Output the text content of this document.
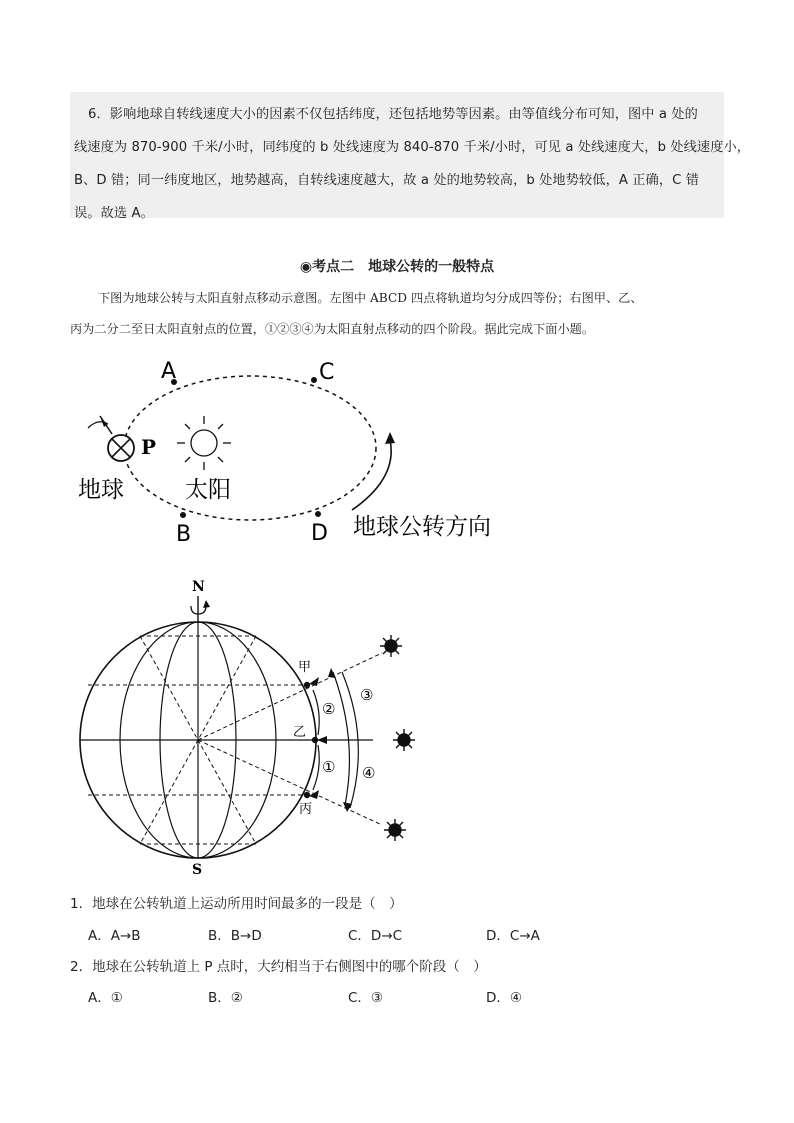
6．影响地球自转线速度大小的因素不仅包括纬度，还包括地势等因素。由等值线分布可知，图中 a 处的
线速度为 870-900 千米/小时，同纬度的 b 处线速度为 840-870 千米/小时，可见 a 处线速度大，b 处线速度小，
B、D 错；同一纬度地区，地势越高，自转线速度越大，故 a 处的地势较高，b 处地势较低，A 正确，C 错
误。故选 A。
◉考点二　地球公转的一般特点
下图为地球公转与太阳直射点移动示意图。左图中 ABCD 四点将轨道均匀分成四等份；右图甲、乙、
丙为二分二至日太阳直射点的位置，①②③④为太阳直射点移动的四个阶段。据此完成下面小题。
A	C
B	D
P
地球	太阳
地球公转方向
N
S
甲
乙
丙
②
①
③
④
1．地球在公转轨道上运动所用时间最多的一段是（　）
A．A→B	B．B→D	C．D→C	D．C→A
2．地球在公转轨道上 P 点时，大约相当于右侧图中的哪个阶段（　）
A．①	B．②	C．③	D．④
